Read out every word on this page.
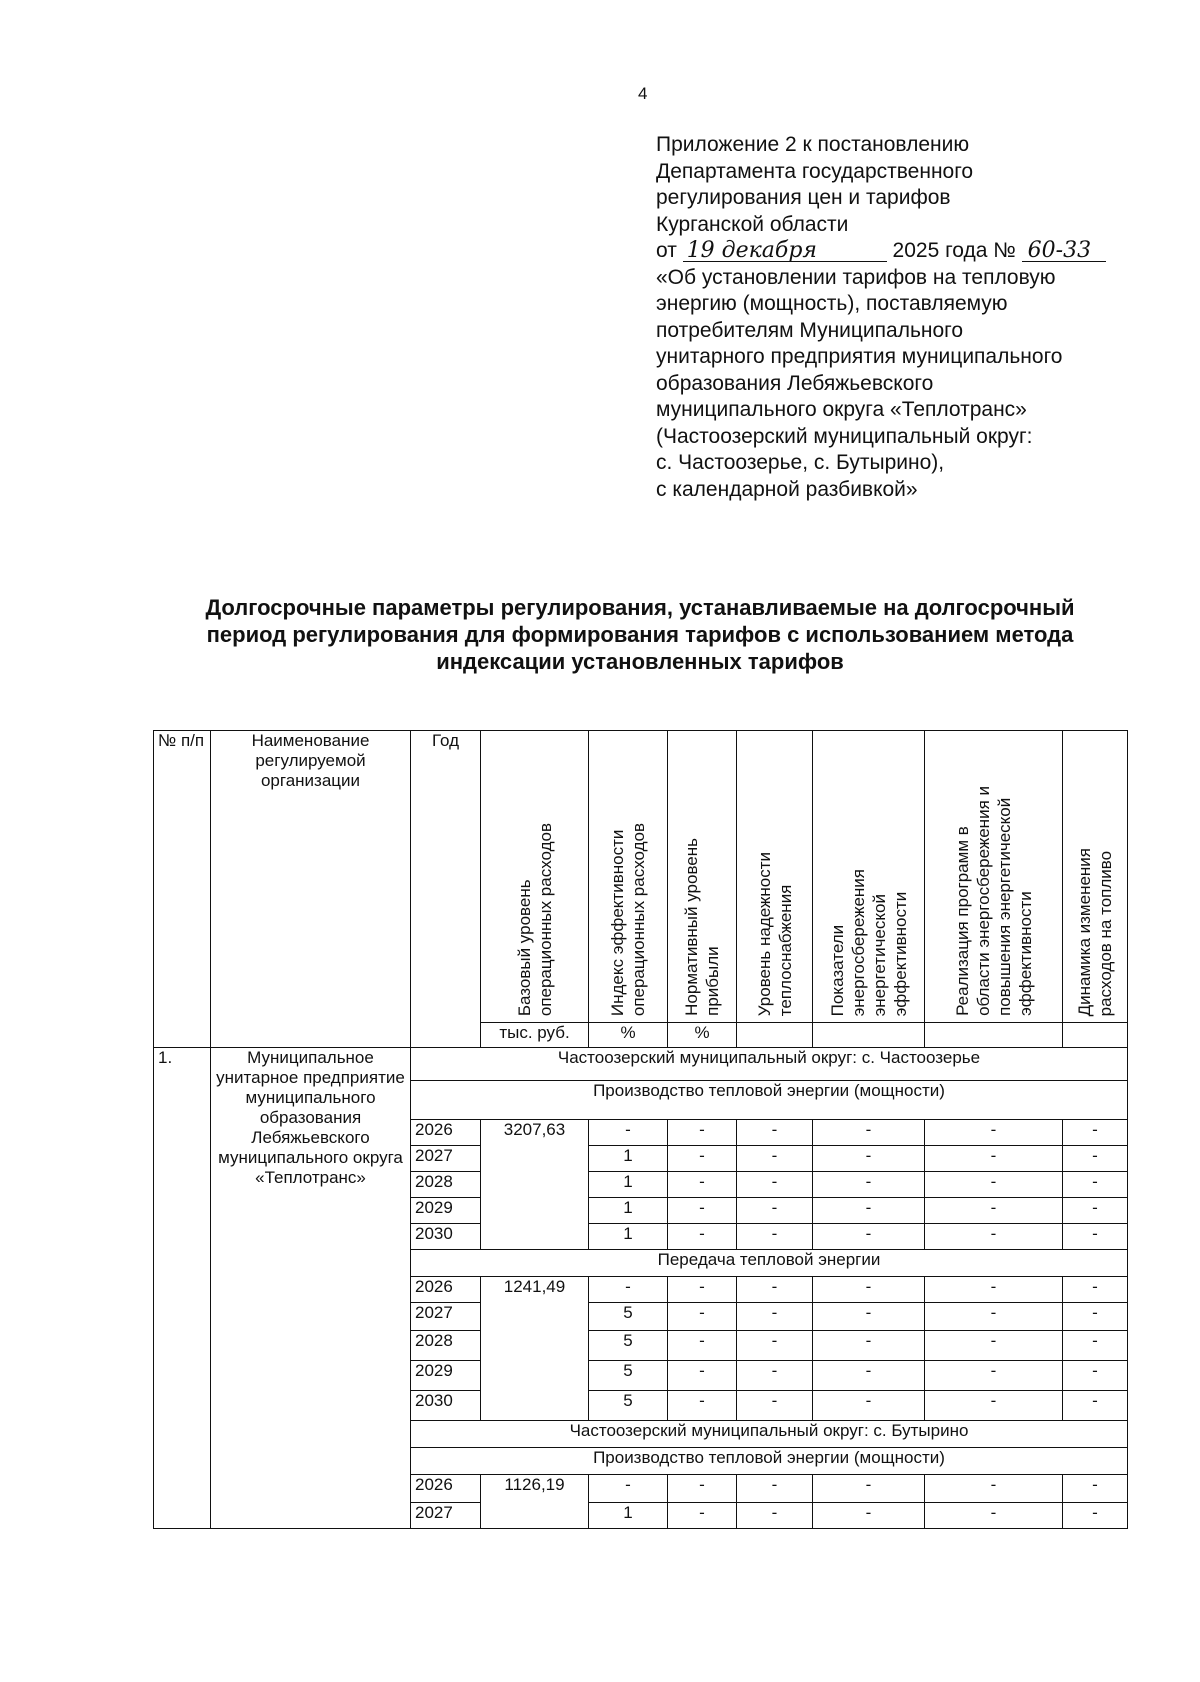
4
Приложение 2 к постановлению
Департамента государственного
регулирования цен и тарифов
Курганской области
от 19 декабря	2025 года № 60-33
«Об установлении тарифов на тепловую
энергию (мощность), поставляемую
потребителям Муниципального
унитарного предприятия муниципального
образования Лебяжьевского
муниципального округа «Теплотранс»
(Частоозерский муниципальный округ:
с. Частоозерье, с. Бутырино),
с календарной разбивкой»
Долгосрочные параметры регулирования, устанавливаемые на долгосрочный
период регулирования для формирования тарифов с использованием метода
индексации установленных тарифов
№ п/п	Наименование регулируемой организации	Год	Базовый уровень операционных расходов	Индекс эффективности операционных расходов	Нормативный уровень прибыли	Уровень надежности теплоснабжения	Показатели энергосбережения энергетической эффективности	Реализация программ в области энергосбережения и повышения энергетической эффективности	Динамика изменения расходов на топливо

			тыс. руб.	%	%				
1.	Муниципальное унитарное предприятие муниципального образования Лебяжьевского муниципального округа «Теплотранс»	Частоозерский муниципальный округ: с. Частоозерье							
		Производство тепловой энергии (мощности)							
		2026	3207,63	-	-	-	-	-	-
		2027		1	-	-	-	-	-
		2028		1	-	-	-	-	-
		2029		1	-	-	-	-	-
		2030		1	-	-	-	-	-
		Передача тепловой энергии							
		2026	1241,49	-	-	-	-	-	-
		2027		5	-	-	-	-	-
		2028		5	-	-	-	-	-
		2029		5	-	-	-	-	-
		2030		5	-	-	-	-	-
		Частоозерский муниципальный округ: с. Бутырино							
		Производство тепловой энергии (мощности)							
		2026	1126,19	-	-	-	-	-	-
		2027		1	-	-	-	-	-
